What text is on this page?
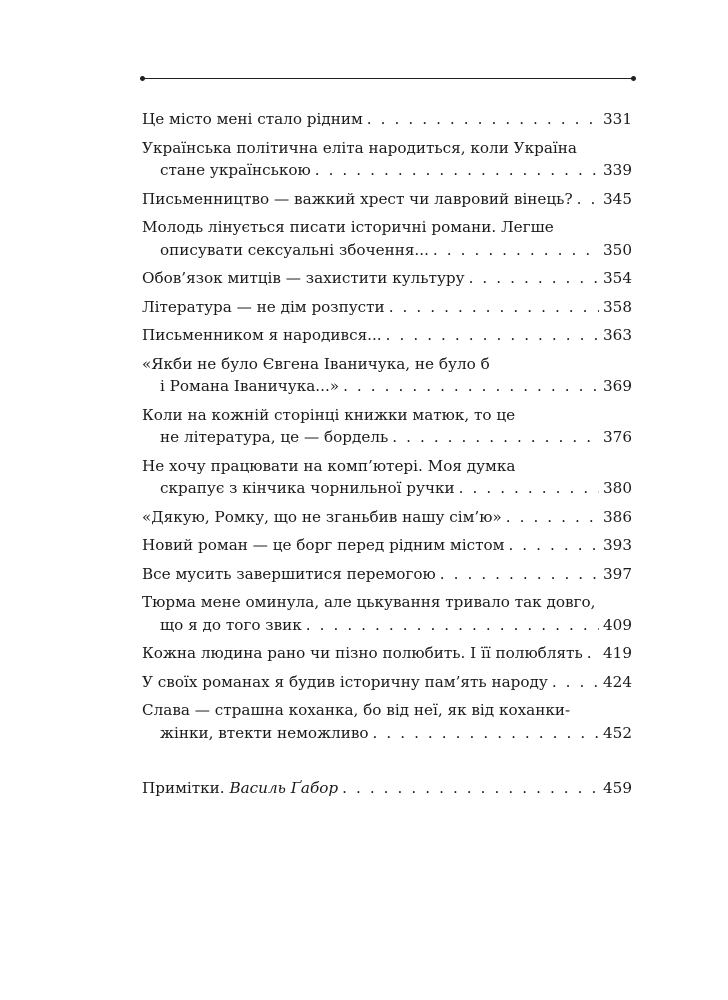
Це місто мені стало рідним . . .	331
Українська політична еліта народиться, коли Україна
стане українською . . .	339
Письменництво — важкий хрест чи лавровий вінець? . . . 345
Молодь лінується писати історичні романи. Легше
описувати сексуальні збочення... . . .	350
Обов’язок митців — захистити культуру . . .	354
Література — не дім розпусти . . .	358
Письменником я народився... . . .	363
«Якби не було Євгена Іваничука, не було б
і Романа Іваничука...» . . .	369
Коли на кожній сторінці книжки матюк, то це
не література, це — бордель . . .	376
Не хочу працювати на комп’ютері. Моя думка
скрапує з кінчика чорнильної ручки . . .	380
«Дякую, Ромку, що не зганьбив нашу сім’ю» . . .	386
Новий роман — це борг перед рідним містом . . .	393
Все мусить завершитися перемогою . . .	397
Тюрма мене оминула, але цькування тривало так довго,
що я до того звик . . .	409
Кожна людина рано чи пізно полюбить. І її полюблять . . . 419
У своїх романах я будив історичну пам’ять народу . . .	424
Слава — страшна коханка, бо від неї, як від коханки-
жінки, втекти неможливо . . .	452
Примітки. Василь Ґабор . . .	459
